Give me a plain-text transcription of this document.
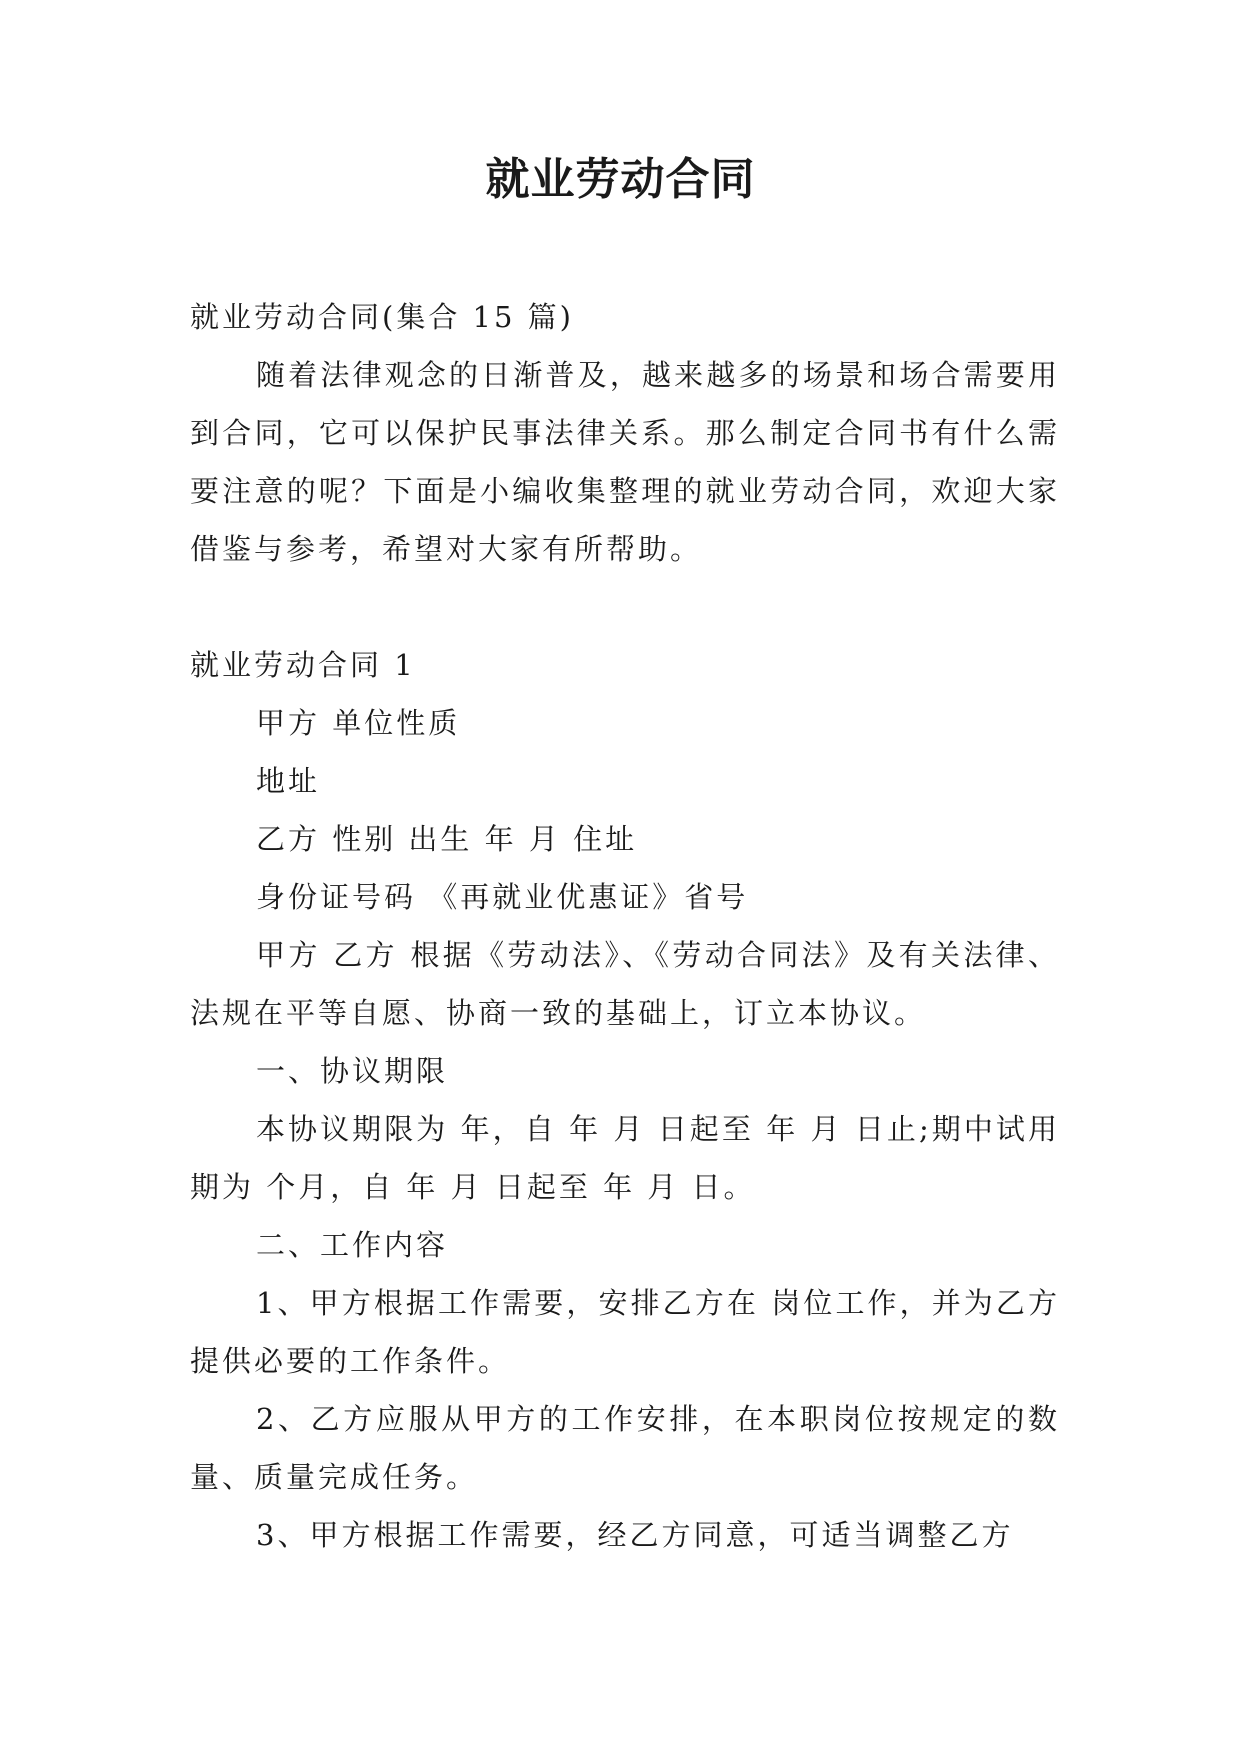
就业劳动合同

就业劳动合同(集合 15 篇)

随着法律观念的日渐普及，越来越多的场景和场合需要用到合同，它可以保护民事法律关系。那么制定合同书有什么需要注意的呢？下面是小编收集整理的就业劳动合同，欢迎大家借鉴与参考，希望对大家有所帮助。

就业劳动合同 1

甲方 单位性质

地址

乙方 性别 出生 年 月 住址

身份证号码 《再就业优惠证》省号

甲方 乙方 根据《劳动法》、《劳动合同法》及有关法律、法规在平等自愿、协商一致的基础上，订立本协议。

一、协议期限

本协议期限为 年，自 年 月 日起至 年 月 日止;期中试用期为 个月，自 年 月 日起至 年 月 日。

二、工作内容

1、甲方根据工作需要，安排乙方在 岗位工作，并为乙方提供必要的工作条件。

2、乙方应服从甲方的工作安排，在本职岗位按规定的数量、质量完成任务。

3、甲方根据工作需要，经乙方同意，可适当调整乙方
